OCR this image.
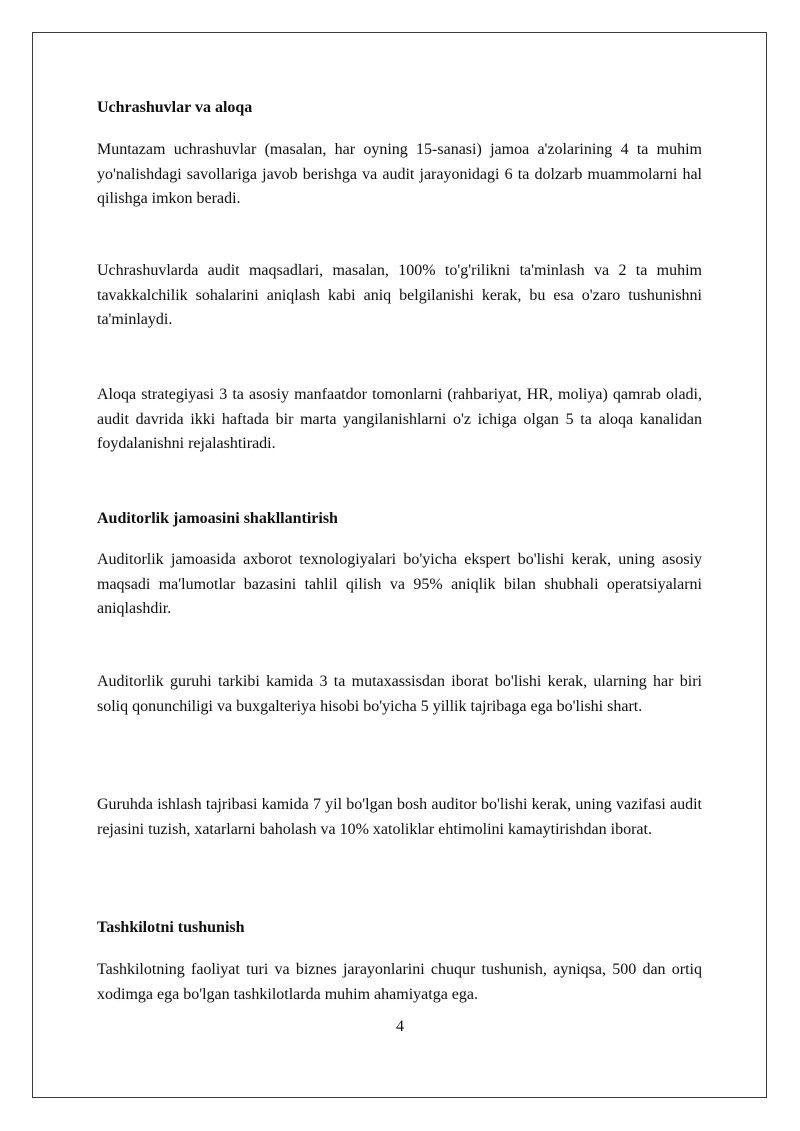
Uchrashuvlar va aloqa

Muntazam uchrashuvlar (masalan, har oyning 15-sanasi) jamoa a'zolarining 4 ta muhim yo'nalishdagi savollariga javob berishga va audit jarayonidagi 6 ta dolzarb muammolarni hal qilishga imkon beradi.

Uchrashuvlarda audit maqsadlari, masalan, 100% to'g'rilikni ta'minlash va 2 ta muhim tavakkalchilik sohalarini aniqlash kabi aniq belgilanishi kerak, bu esa o'zaro tushunishni ta'minlaydi.

Aloqa strategiyasi 3 ta asosiy manfaatdor tomonlarni (rahbariyat, HR, moliya) qamrab oladi, audit davrida ikki haftada bir marta yangilanishlarni o'z ichiga olgan 5 ta aloqa kanalidan foydalanishni rejalashtiradi.

Auditorlik jamoasini shakllantirish

Auditorlik jamoasida axborot texnologiyalari bo'yicha ekspert bo'lishi kerak, uning asosiy maqsadi ma'lumotlar bazasini tahlil qilish va 95% aniqlik bilan shubhali operatsiyalarni aniqlashdir.

Auditorlik guruhi tarkibi kamida 3 ta mutaxassisdan iborat bo'lishi kerak, ularning har biri soliq qonunchiligi va buxgalteriya hisobi bo'yicha 5 yillik tajribaga ega bo'lishi shart.

Guruhda ishlash tajribasi kamida 7 yil bo'lgan bosh auditor bo'lishi kerak, uning vazifasi audit rejasini tuzish, xatarlarni baholash va 10% xatoliklar ehtimolini kamaytirishdan iborat.

Tashkilotni tushunish

Tashkilotning faoliyat turi va biznes jarayonlarini chuqur tushunish, ayniqsa, 500 dan ortiq xodimga ega bo'lgan tashkilotlarda muhim ahamiyatga ega.

4
